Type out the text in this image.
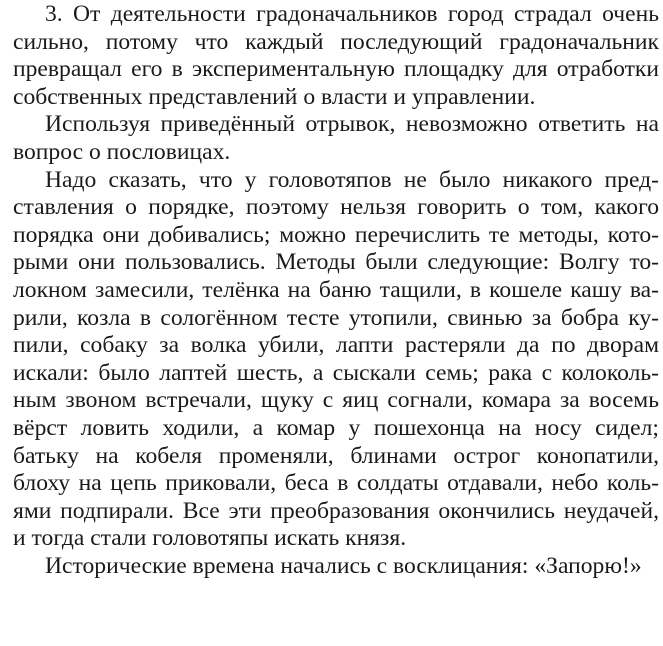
3. От деятельности градоначальников город страдал очень
сильно, потому что каждый последующий градоначальник
превращал его в экспериментальную площадку для отработки
собственных представлений о власти и управлении.
Используя приведённый отрывок, невозможно ответить на
вопрос о пословицах.
Надо сказать, что у головотяпов не было никакого пред-
ставления о порядке, поэтому нельзя говорить о том, какого
порядка они добивались; можно перечислить те методы, кото-
рыми они пользовались. Методы были следующие: Волгу то-
локном замесили, телёнка на баню тащили, в кошеле кашу ва-
рили, козла в сологённом тесте утопили, свинью за бобра ку-
пили, собаку за волка убили, лапти растеряли да по дворам
искали: было лаптей шесть, а сыскали семь; рака с колоколь-
ным звоном встречали, щуку с яиц согнали, комара за восемь
вёрст ловить ходили, а комар у пошехонца на носу сидел;
батьку на кобеля променяли, блинами острог конопатили,
блоху на цепь приковали, беса в солдаты отдавали, небо коль-
ями подпирали. Все эти преобразования окончились неудачей,
и тогда стали головотяпы искать князя.
Исторические времена начались с восклицания: «Запорю!»
